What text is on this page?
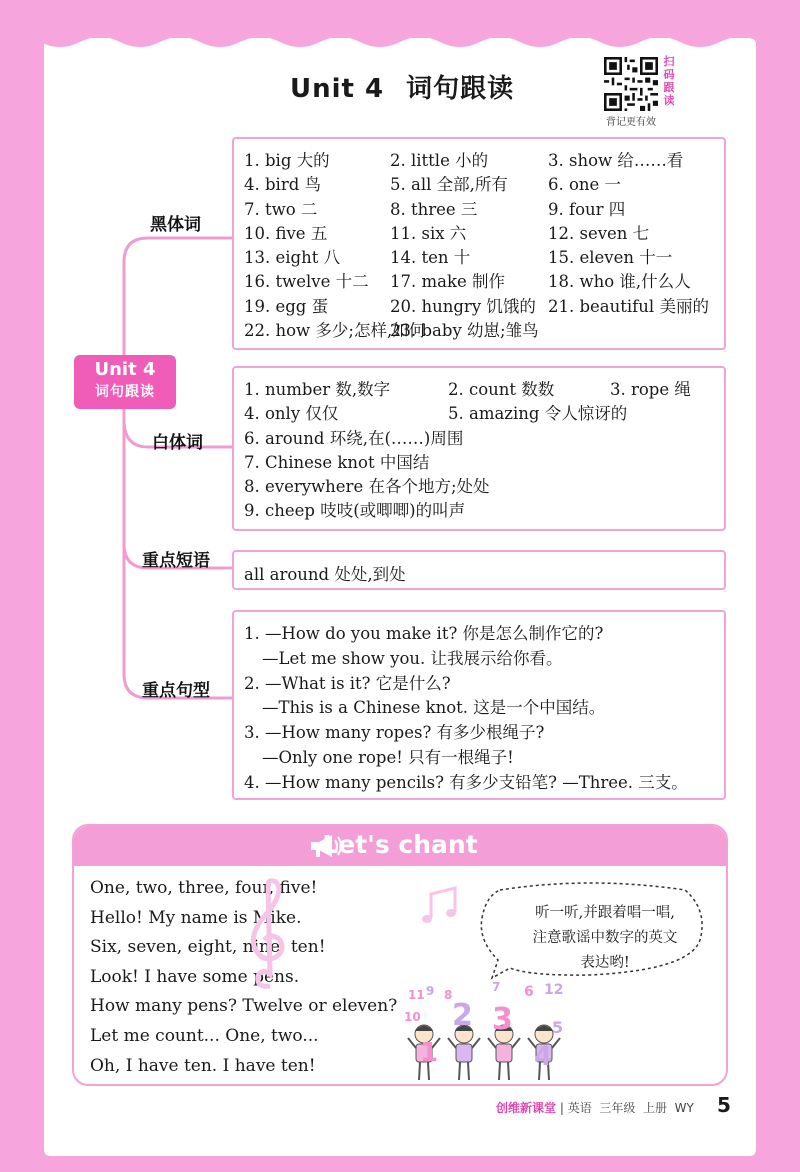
Unit 4 词句跟读
扫
码
跟
读
背记更有效
Unit 4
词句跟读
黑体词
白体词
重点短语
重点句型
1. big 大的	2. little 小的	3. show 给……看
4. bird 鸟	5. all 全部,所有 6. one 一
7. two 二	8. three 三	9. four 四
10. five 五	11. six 六	12. seven 七
13. eight 八	14. ten 十	15. eleven 十一
16. twelve 十二 17. make 制作	18. who 谁,什么人
19. egg 蛋	20. hungry 饥饿的 21. beautiful 美丽的
22. how 多少;怎样,如何
23. baby 幼崽;雏鸟
1. number 数,数字	2. count 数数	3. rope 绳
4. only 仅仅	5. amazing 令人惊讶的
6. around 环绕,在(……)周围
7. Chinese knot 中国结
8. everywhere 在各个地方;处处
9. cheep 吱吱(或唧唧)的叫声
all around 处处,到处
1. —How do you make it? 你是怎么制作它的?
—Let me show you. 让我展示给你看。
2. —What is it? 它是什么?
—This is a Chinese knot. 这是一个中国结。
3. —How many ropes? 有多少根绳子?
—Only one rope! 只有一根绳子!
4. —How many pencils? 有多少支铅笔? —Three. 三支。
Let's chant
One, two, three, four, five!
Hello! My name is Mike.
Six, seven, eight, nine, ten!
Look! I have some pens.
How many pens? Twelve or eleven?
Let me count... One, two...
Oh, I have ten. I have ten!
11 9 8
7 6 12
10 2 3 5
1	4
听一听,并跟着唱一唱,
注意歌谣中数字的英文
表达哟!
创维新课堂 | 英语  三年级  上册  WY 5
